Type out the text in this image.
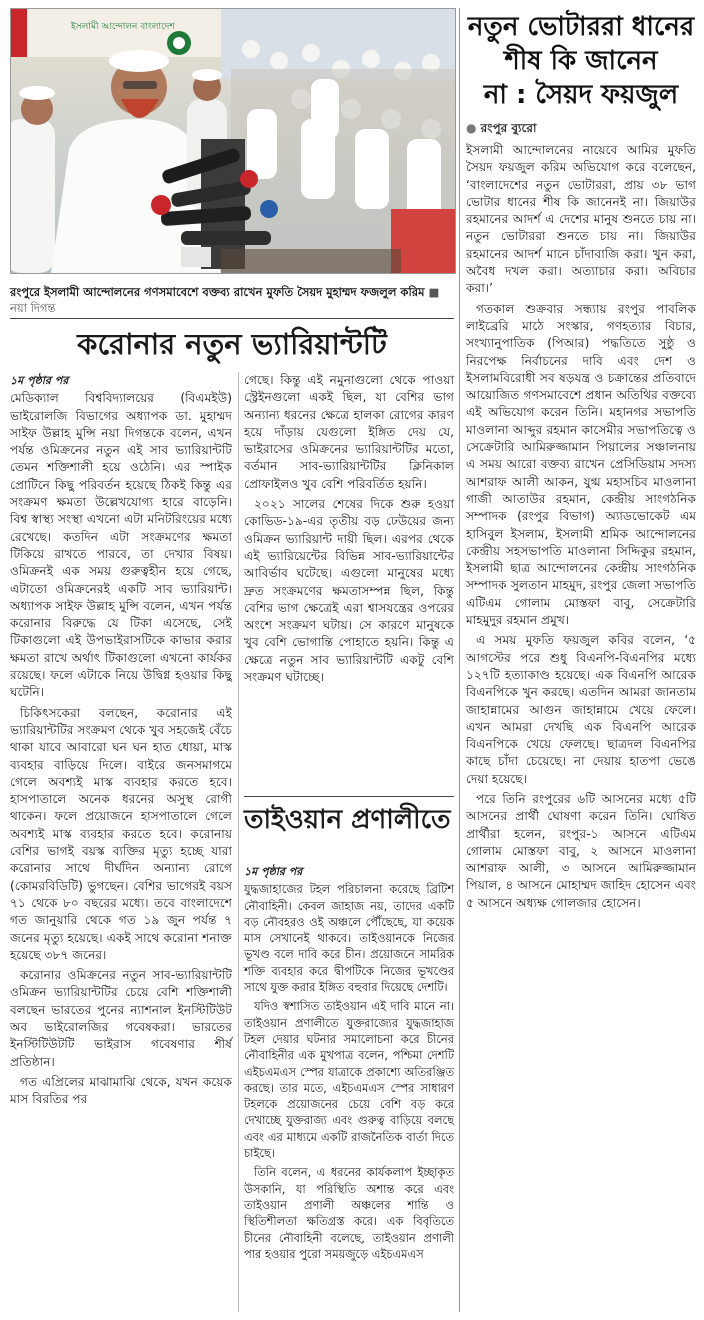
ইসলামী আন্দোলন বাংলাদেশ
রংপুরে ইসলামী আন্দোলনের গণসমাবেশে বক্তব্য রাখেন মুফতি সৈয়দ মুহাম্মদ ফজলুল করিম ■ নয়া দিগন্ত
নতুন ভোটাররা ধানের
শীষ কি জানেন
না : সৈয়দ ফয়জুল
● রংপুর ব্যুরো

ইসলামী আন্দোলনের নায়েবে আমির মুফতি সৈয়দ ফয়জুল করিম অভিযোগ করে বলেছেন, ‘বাংলাদেশের নতুন ভোটাররা, প্রায় ৩৮ ভাগ ভোটার ধানের শীষ কি জানেনই না। জিয়াউর রহমানের আদর্শ এ দেশের মানুষ শুনতে চায় না। নতুন ভোটাররা শুনতে চায় না। জিয়াউর রহমানের আদর্শ মানে চাঁদাবাজি করা। খুন করা, অবৈধ দখল করা। অত্যাচার করা। অবিচার করা।’

গতকাল শুক্রবার সন্ধ্যায় রংপুর পাবলিক লাইব্রেরি মাঠে সংস্কার, গণহত্যার বিচার, সংখ্যানুপাতিক (পিআর) পদ্ধতিতে সুষ্ঠু ও নিরপেক্ষ নির্বাচনের দাবি এবং দেশ ও ইসলামবিরোধী সব ষড়যন্ত্র ও চক্রান্তের প্রতিবাদে আয়োজিত গণসমাবেশে প্রধান অতিথির বক্তব্যে এই অভিযোগ করেন তিনি। মহানগর সভাপতি মাওলানা আব্দুর রহমান কাসেমীর সভাপতিত্বে ও সেক্রেটারি আমিরুজ্জামান পিয়ালের সঞ্চালনায় এ সময় আরো বক্তব্য রাখেন প্রেসিডিয়াম সদস্য আশরাফ আলী আকন, যুগ্ম মহাসচিব মাওলানা গাজী আতাউর রহমান, কেন্দ্রীয় সাংগঠনিক সম্পাদক (রংপুর বিভাগ) অ্যাডভোকেট এম হাসিবুল ইসলাম, ইসলামী শ্রমিক আন্দোলনের কেন্দ্রীয় সহসভাপতি মাওলানা সিদ্দিকুর রহমান, ইসলামী ছাত্র আন্দোলনের কেন্দ্রীয় সাংগঠনিক সম্পাদক সুলতান মাহমুদ, রংপুর জেলা সভাপতি এটিএম গোলাম মোস্তফা বাবু, সেক্রেটারি মাহমুদুর রহমান প্রমুখ।

এ সময় মুফতি ফয়জুল কবির বলেন, ‘৫ আগস্টের পরে শুধু বিএনপি-বিএনপির মধ্যে ১২৭টি হত্যাকাণ্ড হয়েছে। এক বিএনপি আরেক বিএনপিকে খুন করছে। এতদিন আমরা জানতাম জাহান্নামের আগুন জাহান্নামে খেয়ে ফেলে। এখন আমরা দেখছি এক বিএনপি আরেক বিএনপিকে খেয়ে ফেলছে। ছাত্রদল বিএনপির কাছে চাঁদা চেয়েছে। না দেয়ায় হাতপা ভেঙে দেয়া হয়েছে।

পরে তিনি রংপুরের ৬টি আসনের মধ্যে ৫টি আসনের প্রার্থী ঘোষণা করেন তিনি। ঘোষিত প্রার্থীরা হলেন, রংপুর-১ আসনে এটিএম গোলাম মোস্তফা বাবু, ২ আসনে মাওলানা আশরাফ আলী, ৩ আসনে আমিরুজ্জামান পিয়াল, ৪ আসনে মোহাম্মদ জাহিদ হোসেন এবং ৫ আসনে অধ্যক্ষ গোলজার হোসেন।

করোনার নতুন ভ্যারিয়ান্টটি
১ম পৃষ্ঠার পর

মেডিক্যাল বিশ্ববিদ্যালয়ের (বিএমইউ) ভাইরোলজি বিভাগের অধ্যাপক ডা. মুহাম্মদ সাইফ উল্লাহ মুন্সি নয়া দিগন্তকে বলেন, এখন পর্যন্ত ওমিক্রনের নতুন এই সাব ভ্যারিয়ান্টটি তেমন শক্তিশালী হয়ে ওঠেনি। এর স্পাইক প্রোটিনে কিছু পরিবর্তন হয়েছে ঠিকই কিন্তু এর সংক্রমণ ক্ষমতা উল্লেখযোগ্য হারে বাড়েনি। বিশ্ব স্বাস্থ্য সংস্থা এখনো এটা মনিটরিংয়ের মধ্যে রেখেছে। কতদিন এটা সংক্রমণের ক্ষমতা টিকিয়ে রাখতে পারবে, তা দেখার বিষয়। ওমিক্রনই এক সময় গুরুত্বহীন হয়ে গেছে, এটাতো ওমিক্রনেরই একটি সাব ভ্যারিয়ান্ট। অধ্যাপক সাইফ উল্লাহ মুন্সি বলেন, এখন পর্যন্ত করোনার বিরুদ্ধে যে টিকা এসেছে, সেই টিকাগুলো এই উপভাইরাসটিকে কাভার করার ক্ষমতা রাখে অর্থাৎ টিকাগুলো এখনো কার্যকর রয়েছে। ফলে এটাকে নিয়ে উদ্বিগ্ন হওয়ার কিছু ঘটেনি।

চিকিৎসকেরা বলছেন, করোনার এই ভ্যারিয়ান্টটির সংক্রমণ থেকে খুব সহজেই বেঁচে থাকা যাবে আবারো ঘন ঘন হাত ধোয়া, মাস্ক ব্যবহার বাড়িয়ে দিলে। বাইরে জনসমাগমে গেলে অবশ্যই মাস্ক ব্যবহার করতে হবে। হাসপাতালে অনেক ধরনের অসুস্থ রোগী থাকেন। ফলে প্রয়োজনে হাসপাতালে গেলে অবশ্যই মাস্ক ব্যবহার করতে হবে। করোনায় বেশির ভাগই বয়স্ক ব্যক্তির মৃত্যু হচ্ছে যারা করোনার সাথে দীর্ঘদিন অন্যান্য রোগে (কোমরবিডিটি) ভুগছেন। বেশির ভাগেরই বয়স ৭১ থেকে ৮০ বছরের মধ্যে। তবে বাংলাদেশে গত জানুয়ারি থেকে গত ১৯ জুন পর্যন্ত ৭ জনের মৃত্যু হয়েছে। একই সাথে করোনা শনাক্ত হয়েছে ৩৮৭ জনের।

করোনার ওমিক্রনের নতুন সাব-ভ্যারিয়ান্টটি ওমিক্রন ভ্যারিয়ান্টটির চেয়ে বেশি শক্তিশালী বলছেন ভারতের পুনের ন্যাশনাল ইনস্টিটিউট অব ভাইরোলজির গবেষকরা। ভারতের ইনস্টিটিউটটি ভাইরাস গবেষণার শীর্ষ প্রতিষ্ঠান।

গত এপ্রিলের মাঝামাঝি থেকে, যখন কয়েক মাস বিরতির পর

গেছে। কিন্তু এই নমুনাগুলো থেকে পাওয়া স্ট্রেইনগুলো একই ছিল, যা বেশির ভাগ অন্যান্য ধরনের ক্ষেত্রে হালকা রোগের কারণ হয়ে দাঁড়ায় যেগুলো ইঙ্গিত দেয় যে, ভাইরাসের ওমিক্রনের ভ্যারিয়ান্টটির মতো, বর্তমান সাব-ভ্যারিয়ান্টটির ক্লিনিকাল প্রোফাইলও খুব বেশি পরিবর্তিত হয়নি।

২০২১ সালের শেষের দিকে শুরু হওয়া কোভিড-১৯-এর তৃতীয় বড় ঢেউয়ের জন্য ওমিক্রন ভ্যারিয়ান্ট দায়ী ছিল। এরপর থেকে এই ভ্যারিয়েন্টের বিভিন্ন সাব-ভ্যারিয়ান্টের আবির্ভাব ঘটেছে। এগুলো মানুষের মধ্যে দ্রুত সংক্রমণের ক্ষমতাসম্পন্ন ছিল, কিন্তু বেশির ভাগ ক্ষেত্রেই এরা শ্বাসযন্ত্রের ওপরের অংশে সংক্রমণ ঘটায়। সে কারণে মানুষকে খুব বেশি ভোগান্তি পোহাতে হয়নি। কিন্তু এ ক্ষেত্রে নতুন সাব ভ্যারিয়ান্টটি একটু বেশি সংক্রমণ ঘটাচ্ছে।

তাইওয়ান প্রণালীতে
১ম পৃষ্ঠার পর

যুদ্ধজাহাজের টহল পরিচালনা করেছে ব্রিটিশ নৌবাহিনী। কেবল জাহাজ নয়, তাদের একটি বড় নৌবহরও ওই অঞ্চলে পৌঁছেছে, যা কয়েক মাস সেখানেই থাকবে। তাইওয়ানকে নিজের ভূখণ্ড বলে দাবি করে চীন। প্রয়োজনে সামরিক শক্তি ব্যবহার করে দ্বীপটিকে নিজের ভূখণ্ডের সাথে যুক্ত করার ইঙ্গিত বহুবার দিয়েছে দেশটি।

যদিও স্বশাসিত তাইওয়ান এই দাবি মানে না। তাইওয়ান প্রণালীতে যুক্তরাজ্যের যুদ্ধজাহাজ টহল দেয়ার ঘটনার সমালোচনা করে চীনের নৌবাহিনীর এক মুখপাত্র বলেন, পশ্চিমা দেশটি এইচএমএস স্পের যাত্রাকে প্রকাশ্যে অতিরঞ্জিত করছে। তার মতে, এইচএমএস স্পের সাধারণ টহলকে প্রয়োজনের চেয়ে বেশি বড় করে দেখাচ্ছে যুক্তরাজ্য এবং গুরুত্ব বাড়িয়ে বলছে এবং এর মাধ্যমে একটি রাজনৈতিক বার্তা দিতে চাইছে।

তিনি বলেন, এ ধরনের কার্যকলাপ ইচ্ছাকৃত উসকানি, যা পরিস্থিতি অশান্ত করে এবং তাইওয়ান প্রণালী অঞ্চলের শান্তি ও স্থিতিশীলতা ক্ষতিগ্রস্ত করে। এক বিবৃতিতে চীনের নৌবাহিনী বলেছে, তাইওয়ান প্রণালী পার হওয়ার পুরো সময়জুড়ে এইচএমএস
